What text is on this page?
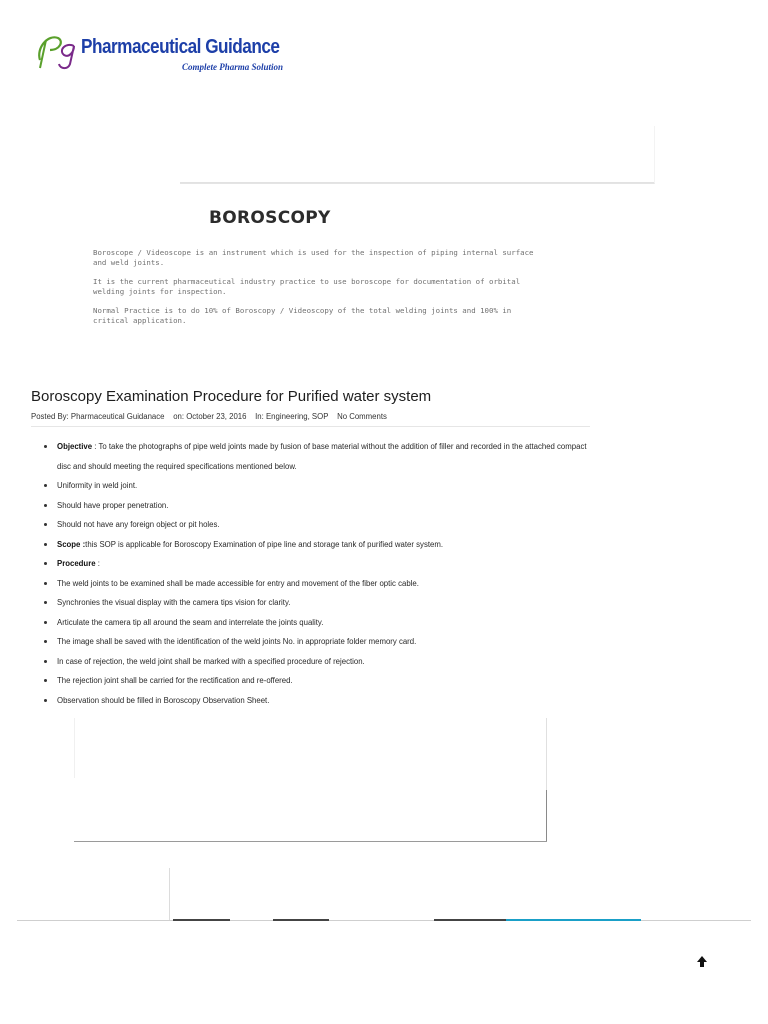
Pharmaceutical Guidance
Complete Pharma Solution
BOROSCOPY
Boroscope / Videoscope is an instrument which is used for the inspection of piping internal surface and weld joints.
It is the current pharmaceutical industry practice to use boroscope for documentation of orbital welding joints for inspection.
Normal Practice is to do 10% of Boroscopy / Videoscopy of the total welding joints and 100% in critical application.
Boroscopy Examination Procedure for Purified water system
Posted By: Pharmaceutical Guidanace on: October 23, 2016 In: Engineering, SOP No Comments
Objective : To take the photographs of pipe weld joints made by fusion of base material without the addition of filler and recorded in the attached compact disc and should meeting the required specifications mentioned below.
Uniformity in weld joint.
Should have proper penetration.
Should not have any foreign object or pit holes.
Scope :this SOP is applicable for Boroscopy Examination of pipe line and storage tank of purified water system.
Procedure :
The weld joints to be examined shall be made accessible for entry and movement of the fiber optic cable.
Synchronies the visual display with the camera tips vision for clarity.
Articulate the camera tip all around the seam and interrelate the joints quality.
The image shall be saved with the identification of the weld joints No. in appropriate folder memory card.
In case of rejection, the weld joint shall be marked with a specified procedure of rejection.
The rejection joint shall be carried for the rectification and re-offered.
Observation should be filled in Boroscopy Observation Sheet.
